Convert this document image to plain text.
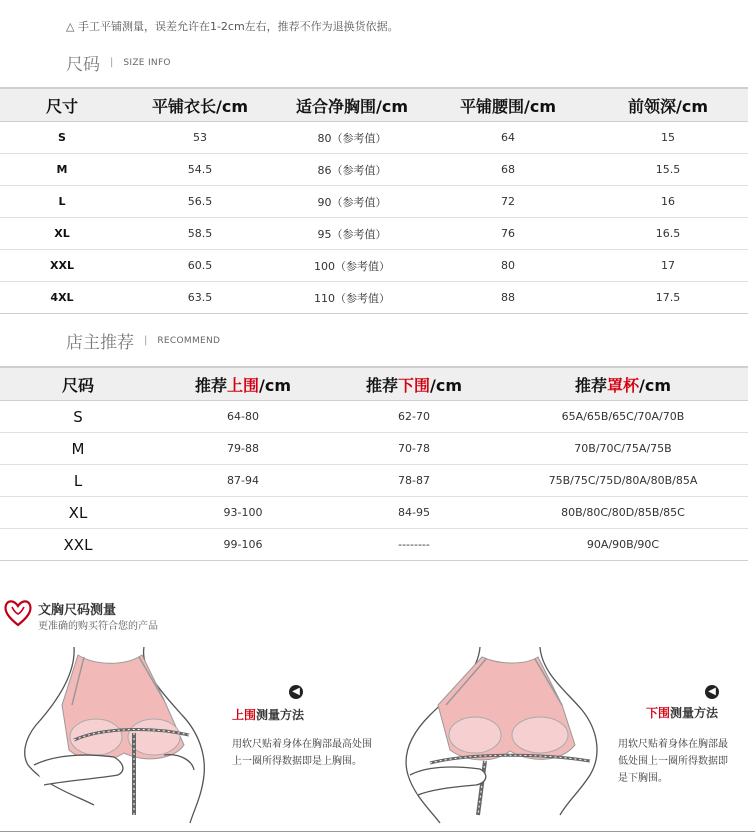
△ 手工平铺测量，误差允许在1-2cm左右，推荐不作为退换货依据。
尺码 | SIZE INFO
尺寸	平铺衣长/cm	适合净胸围/cm	平铺腰围/cm	前领深/cm
S	53	80（参考值）	64	15
M	54.5	86（参考值）	68	15.5
L	56.5	90（参考值）	72	16
XL	58.5	95（参考值）	76	16.5
XXL	60.5	100（参考值）	80	17
4XL	63.5	110（参考值）	88	17.5
店主推荐 | RECOMMEND
尺码	推荐上围/cm	推荐下围/cm	推荐罩杯/cm
S	64-80	62-70	65A/65B/65C/70A/70B
M	79-88	70-78	70B/70C/75A/75B
L	87-94	78-87	75B/75C/75D/80A/80B/85A
XL	93-100	84-95	80B/80C/80D/85B/85C
XXL	99-106	--------	90A/90B/90C
文胸尺码测量
更准确的购买符合您的产品
◀
上围测量方法
用软尺贴着身体在胸部最高处围上一圈所得数据即是上胸围。
◀
下围测量方法
用软尺贴着身体在胸部最低处围上一圈所得数据即是下胸围。
